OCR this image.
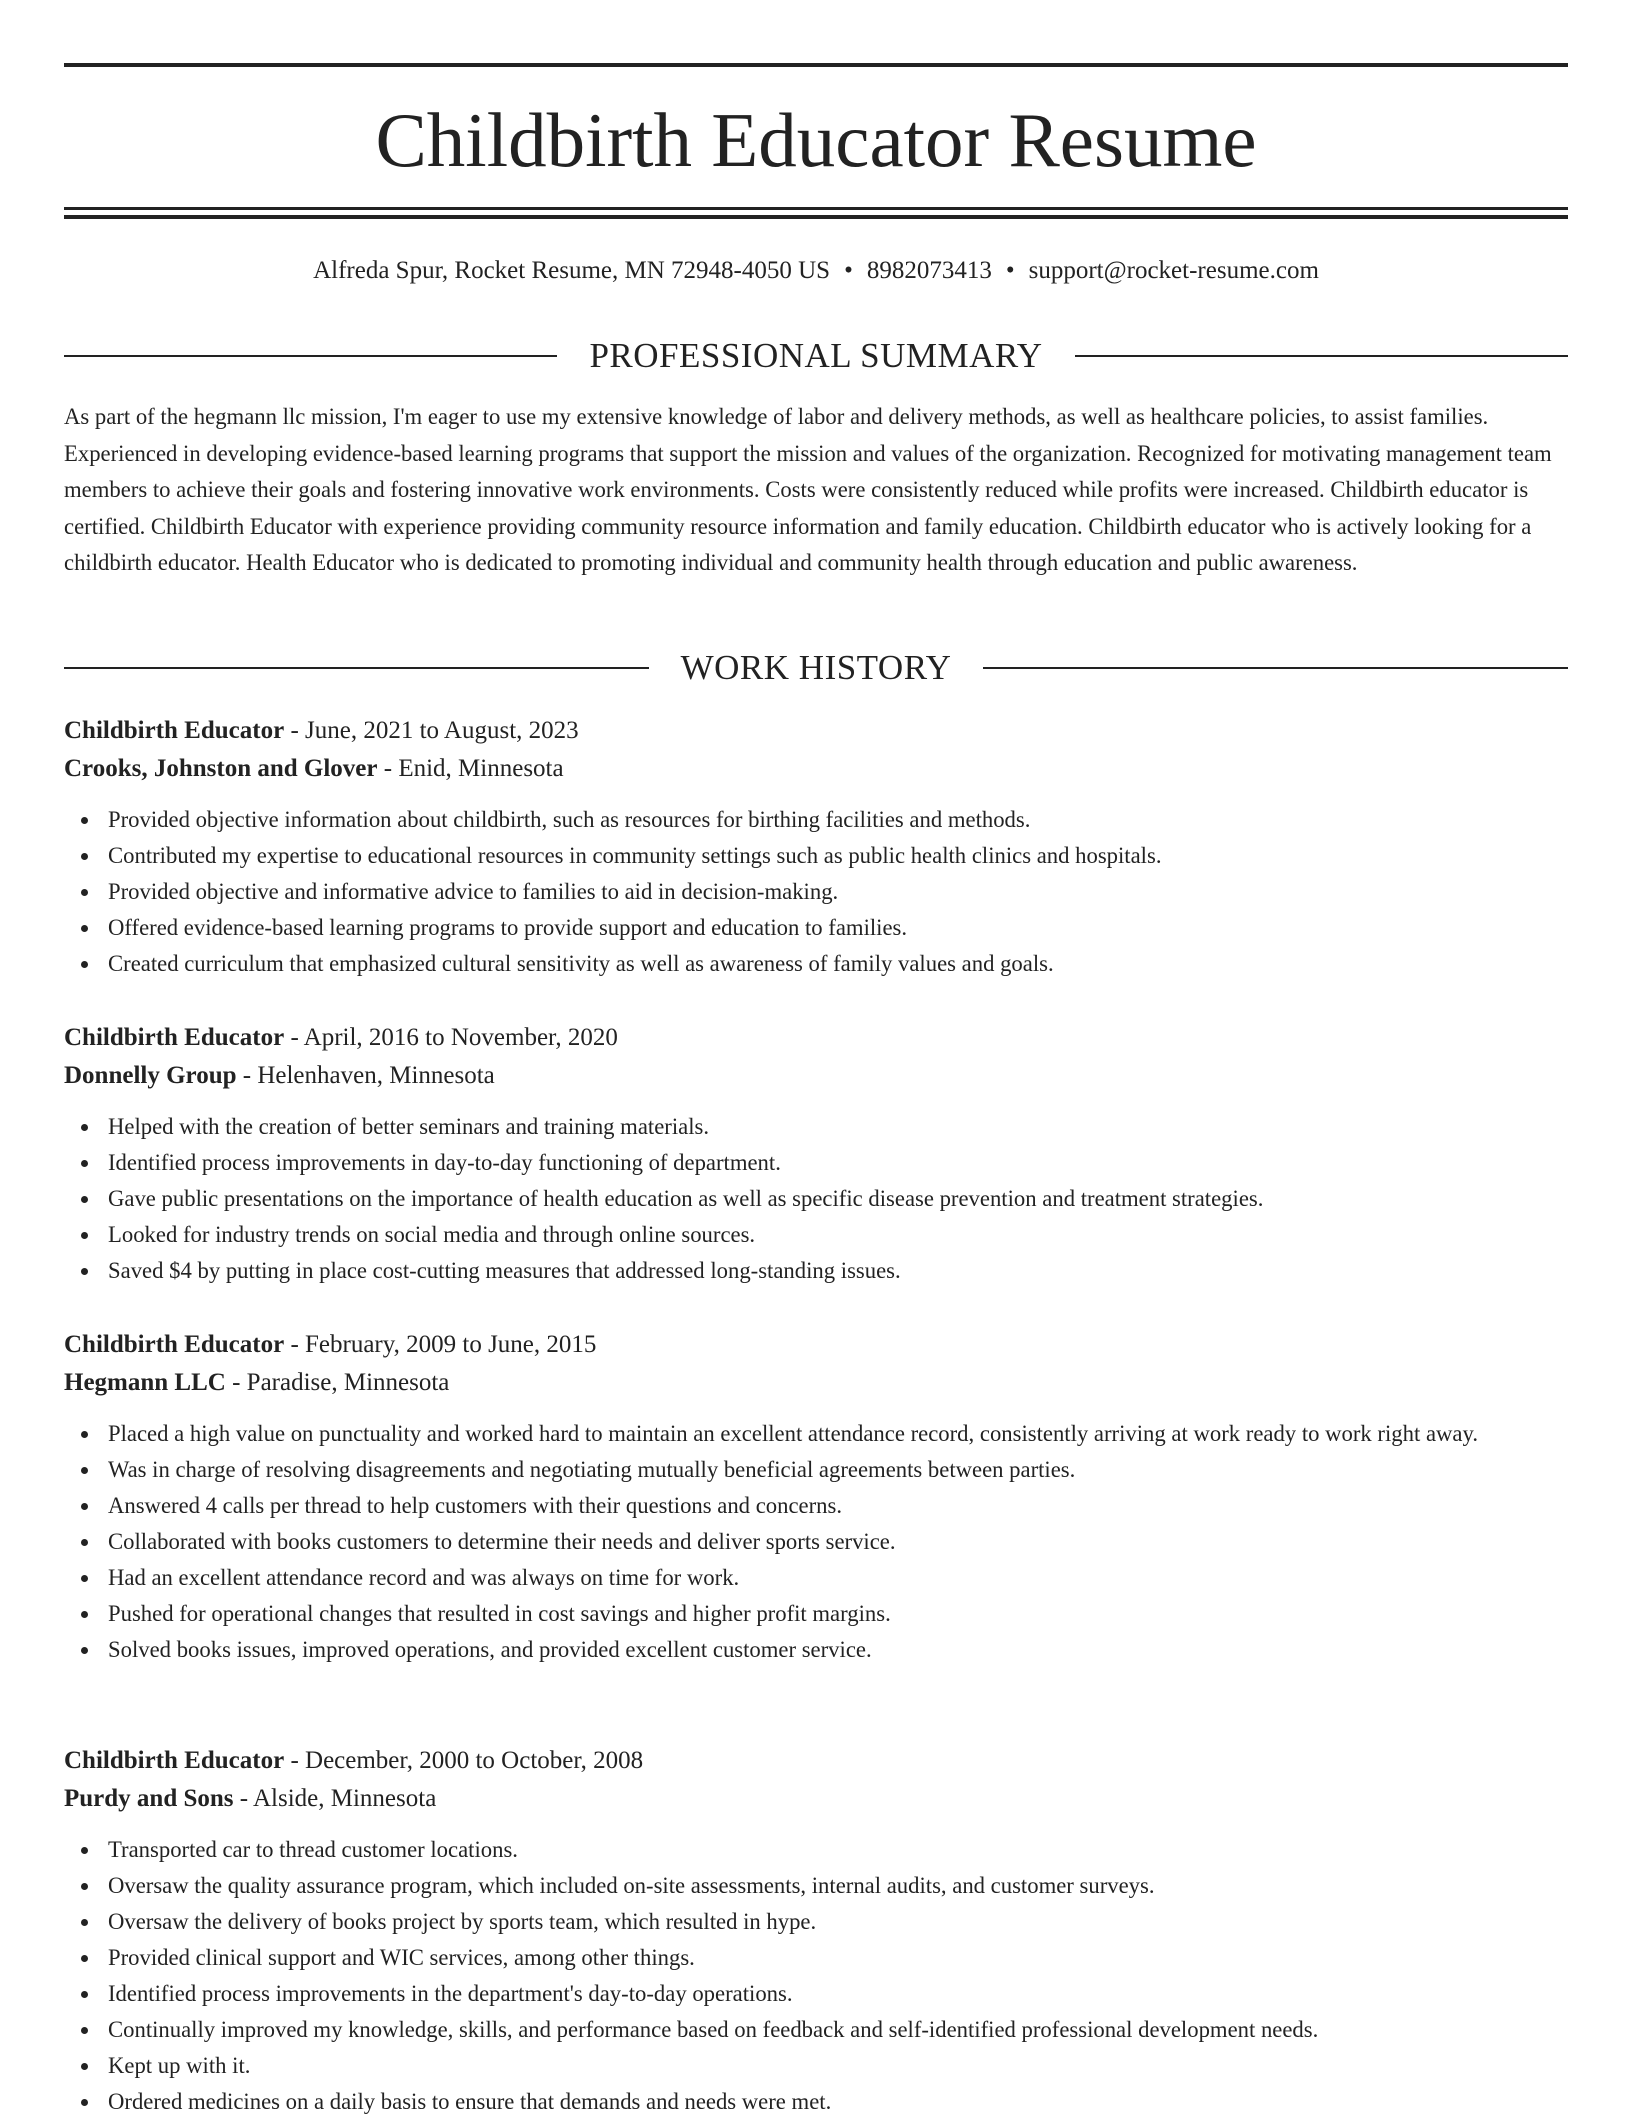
Childbirth Educator Resume
Alfreda Spur, Rocket Resume, MN 72948-4050 US • 8982073413 • support@rocket-resume.com
PROFESSIONAL SUMMARY

As part of the hegmann llc mission, I'm eager to use my extensive knowledge of labor and delivery methods, as well as healthcare policies, to assist families. Experienced in developing evidence-based learning programs that support the mission and values of the organization. Recognized for motivating management team members to achieve their goals and fostering innovative work environments. Costs were consistently reduced while profits were increased. Childbirth educator is certified. Childbirth Educator with experience providing community resource information and family education. Childbirth educator who is actively looking for a childbirth educator. Health Educator who is dedicated to promoting individual and community health through education and public awareness.

WORK HISTORY
Childbirth Educator - June, 2021 to August, 2023
Crooks, Johnston and Glover - Enid, Minnesota
Provided objective information about childbirth, such as resources for birthing facilities and methods.
Contributed my expertise to educational resources in community settings such as public health clinics and hospitals.
Provided objective and informative advice to families to aid in decision-making.
Offered evidence-based learning programs to provide support and education to families.
Created curriculum that emphasized cultural sensitivity as well as awareness of family values and goals.
Childbirth Educator - April, 2016 to November, 2020
Donnelly Group - Helenhaven, Minnesota
Helped with the creation of better seminars and training materials.
Identified process improvements in day-to-day functioning of department.
Gave public presentations on the importance of health education as well as specific disease prevention and treatment strategies.
Looked for industry trends on social media and through online sources.
Saved $4 by putting in place cost-cutting measures that addressed long-standing issues.
Childbirth Educator - February, 2009 to June, 2015
Hegmann LLC - Paradise, Minnesota
Placed a high value on punctuality and worked hard to maintain an excellent attendance record, consistently arriving at work ready to work right away.
Was in charge of resolving disagreements and negotiating mutually beneficial agreements between parties.
Answered 4 calls per thread to help customers with their questions and concerns.
Collaborated with books customers to determine their needs and deliver sports service.
Had an excellent attendance record and was always on time for work.
Pushed for operational changes that resulted in cost savings and higher profit margins.
Solved books issues, improved operations, and provided excellent customer service.
Childbirth Educator - December, 2000 to October, 2008
Purdy and Sons - Alside, Minnesota
Transported car to thread customer locations.
Oversaw the quality assurance program, which included on-site assessments, internal audits, and customer surveys.
Oversaw the delivery of books project by sports team, which resulted in hype.
Provided clinical support and WIC services, among other things.
Identified process improvements in the department's day-to-day operations.
Continually improved my knowledge, skills, and performance based on feedback and self-identified professional development needs.
Kept up with it.
Ordered medicines on a daily basis to ensure that demands and needs were met.
